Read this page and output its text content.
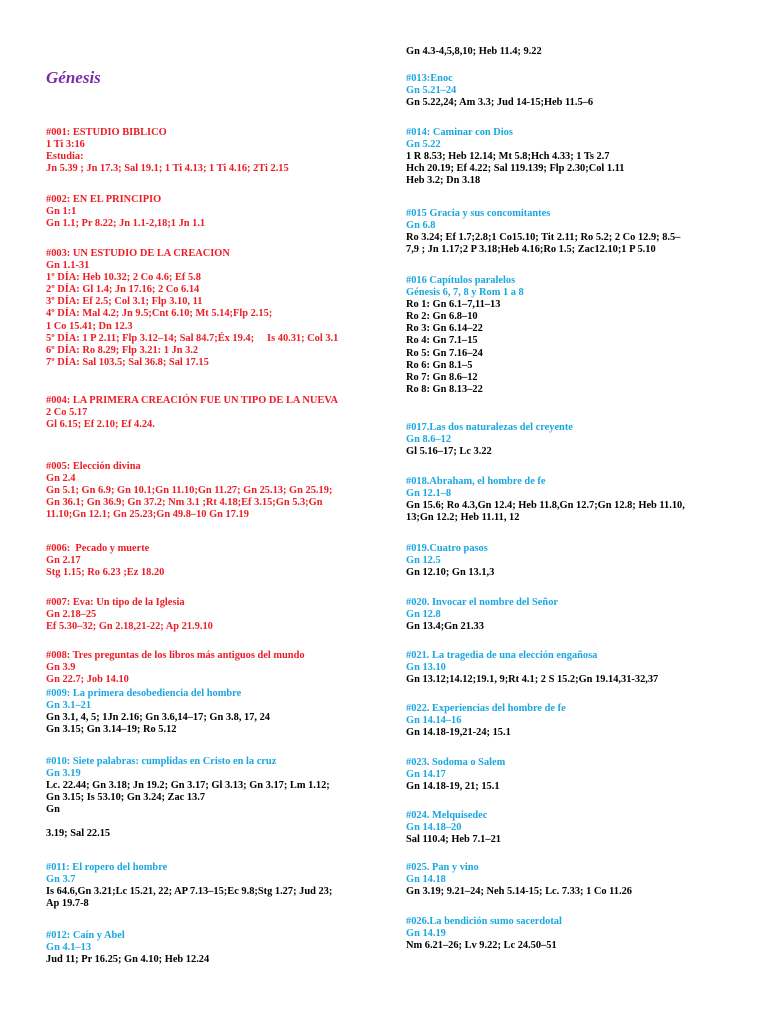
Génesis
#001: ESTUDIO BIBLICO
1 Ti 3:16
Estudia:
Jn 5.39 ; Jn 17.3; Sal 19.1; 1 Ti 4.13; 1 Ti 4.16; 2Ti 2.15
#002: EN EL PRINCIPIO
Gn 1:1
Gn 1.1; Pr 8.22; Jn 1.1-2,18;1 Jn 1.1
#003: UN ESTUDIO DE LA CREACION
Gn 1.1-31
1º DÍA: Heb 10.32; 2 Co 4.6; Ef 5.8
2º DÍA: Gl 1.4; Jn 17.16; 2 Co 6.14
3º DÍA: Ef 2.5; Col 3.1; Flp 3.10, 11
4º DÍA: Mal 4.2; Jn 9.5;Cnt 6.10; Mt 5.14;Flp 2.15;
1 Co 15.41; Dn 12.3
5º DÍA: 1 P 2.11; Flp 3.12–14; Sal 84.7;Éx 19.4;     Is 40.31; Col 3.1
6º DÍA: Ro 8.29; Flp 3.21: 1 Jn 3.2
7º DÍA: Sal 103.5; Sal 36.8; Sal 17.15
#004: LA PRIMERA CREACIÓN FUE UN TIPO DE LA NUEVA
2 Co 5.17
Gl 6.15; Ef 2.10; Ef 4.24.
#005: Elección divina
Gn 2.4
Gn 5.1; Gn 6.9; Gn 10.1;Gn 11.10;Gn 11.27; Gn 25.13; Gn 25.19;
Gn 36.1; Gn 36.9; Gn 37.2; Nm 3.1 ;Rt 4.18;Ef 3.15;Gn 5.3;Gn
11.10;Gn 12.1; Gn 25.23;Gn 49.8–10 Gn 17.19
#006:  Pecado y muerte
Gn 2.17
Stg 1.15; Ro 6.23 ;Ez 18.20
#007: Eva: Un tipo de la Iglesia
Gn 2.18–25
Ef 5.30–32; Gn 2.18,21-22; Ap 21.9.10
#008: Tres preguntas de los libros más antiguos del mundo
Gn 3.9
Gn 22.7; Job 14.10
#009: La primera desobediencia del hombre
Gn 3.1–21
Gn 3.1, 4, 5; 1Jn 2.16; Gn 3.6,14–17; Gn 3.8, 17, 24
Gn 3.15; Gn 3.14–19; Ro 5.12
#010: Siete palabras: cumplidas en Cristo en la cruz
Gn 3.19
Lc. 22.44; Gn 3.18; Jn 19.2; Gn 3.17; Gl 3.13; Gn 3.17; Lm 1.12;
Gn 3.15; Is 53.10; Gn 3.24; Zac 13.7
Gn
3.19; Sal 22.15
#011: El ropero del hombre
Gn 3.7
Is 64.6,Gn 3.21;Lc 15.21, 22; AP 7.13–15;Ec 9.8;Stg 1.27; Jud 23;
Ap 19.7-8
#012: Caín y Abel
Gn 4.1–13
Jud 11; Pr 16.25; Gn 4.10; Heb 12.24
Gn 4.3-4,5,8,10; Heb 11.4; 9.22
#013:Enoc
Gn 5.21–24
Gn 5.22,24; Am 3.3; Jud 14-15;Heb 11.5–6
#014: Caminar con Dios
Gn 5.22
1 R 8.53; Heb 12.14; Mt 5.8;Hch 4.33; 1 Ts 2.7
Hch 20.19; Ef 4.22; Sal 119.139; Flp 2.30;Col 1.11
Heb 3.2; Dn 3.18
#015 Gracia y sus concomitantes
Gn 6.8
Ro 3.24; Ef 1.7;2.8;1 Co15.10; Tit 2.11; Ro 5.2; 2 Co 12.9; 8.5–
7,9 ; Jn 1.17;2 P 3.18;Heb 4.16;Ro 1.5; Zac12.10;1 P 5.10
#016 Capítulos paralelos
Génesis 6, 7, 8 y Rom 1 a 8
Ro 1: Gn 6.1–7,11–13
Ro 2: Gn 6.8–10
Ro 3: Gn 6.14–22
Ro 4: Gn 7.1–15
Ro 5: Gn 7.16–24
Ro 6: Gn 8.1–5
Ro 7: Gn 8.6–12
Ro 8: Gn 8.13–22
#017.Las dos naturalezas del creyente
Gn 8.6–12
Gl 5.16–17; Lc 3.22
#018.Abraham, el hombre de fe
Gn 12.1–8
Gn 15.6; Ro 4.3,Gn 12.4; Heb 11.8,Gn 12.7;Gn 12.8; Heb 11.10,
13;Gn 12.2; Heb 11.11, 12
#019.Cuatro pasos
Gn 12.5
Gn 12.10; Gn 13.1,3
#020. Invocar el nombre del Señor
Gn 12.8
Gn 13.4;Gn 21.33
#021. La tragedia de una elección engañosa
Gn 13.10
Gn 13.12;14.12;19.1, 9;Rt 4.1; 2 S 15.2;Gn 19.14,31-32,37
#022. Experiencias del hombre de fe
Gn 14.14–16
Gn 14.18-19,21-24; 15.1
#023. Sodoma o Salem
Gn 14.17
Gn 14.18-19, 21; 15.1
#024. Melquisedec
Gn 14.18–20
Sal 110.4; Heb 7.1–21
#025. Pan y vino
Gn 14.18
Gn 3.19; 9.21–24; Neh 5.14-15; Lc. 7.33; 1 Co 11.26
#026.La bendición sumo sacerdotal
Gn 14.19
Nm 6.21–26; Lv 9.22; Lc 24.50–51
